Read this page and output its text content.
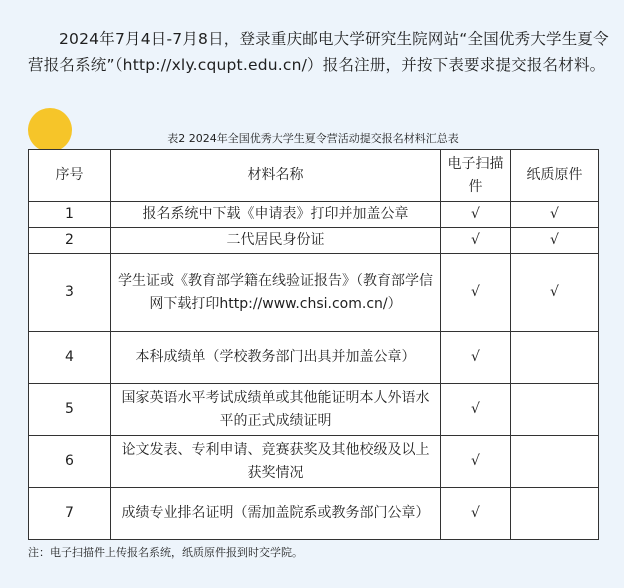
2024年7月4日-7月8日，登录重庆邮电大学研究生院网站“全国优秀大学生夏令营报名系统”（http://xly.cqupt.edu.cn/）报名注册，并按下表要求提交报名材料。

表2 2024年全国优秀大学生夏令营活动提交报名材料汇总表
序号	材料名称	电子扫描件	纸质原件
1	报名系统中下载《申请表》打印并加盖公章	√	√
2	二代居民身份证	√	√
3	学生证或《教育部学籍在线验证报告》（教育部学信网下载打印http://www.chsi.com.cn/）	√	√
4	本科成绩单（学校教务部门出具并加盖公章）	√	
5	国家英语水平考试成绩单或其他能证明本人外语水平的正式成绩证明	√	
6	论文发表、专利申请、竞赛获奖及其他校级及以上获奖情况	√	
7	成绩专业排名证明（需加盖院系或教务部门公章）	√	
注：电子扫描件上传报名系统，纸质原件报到时交学院。
